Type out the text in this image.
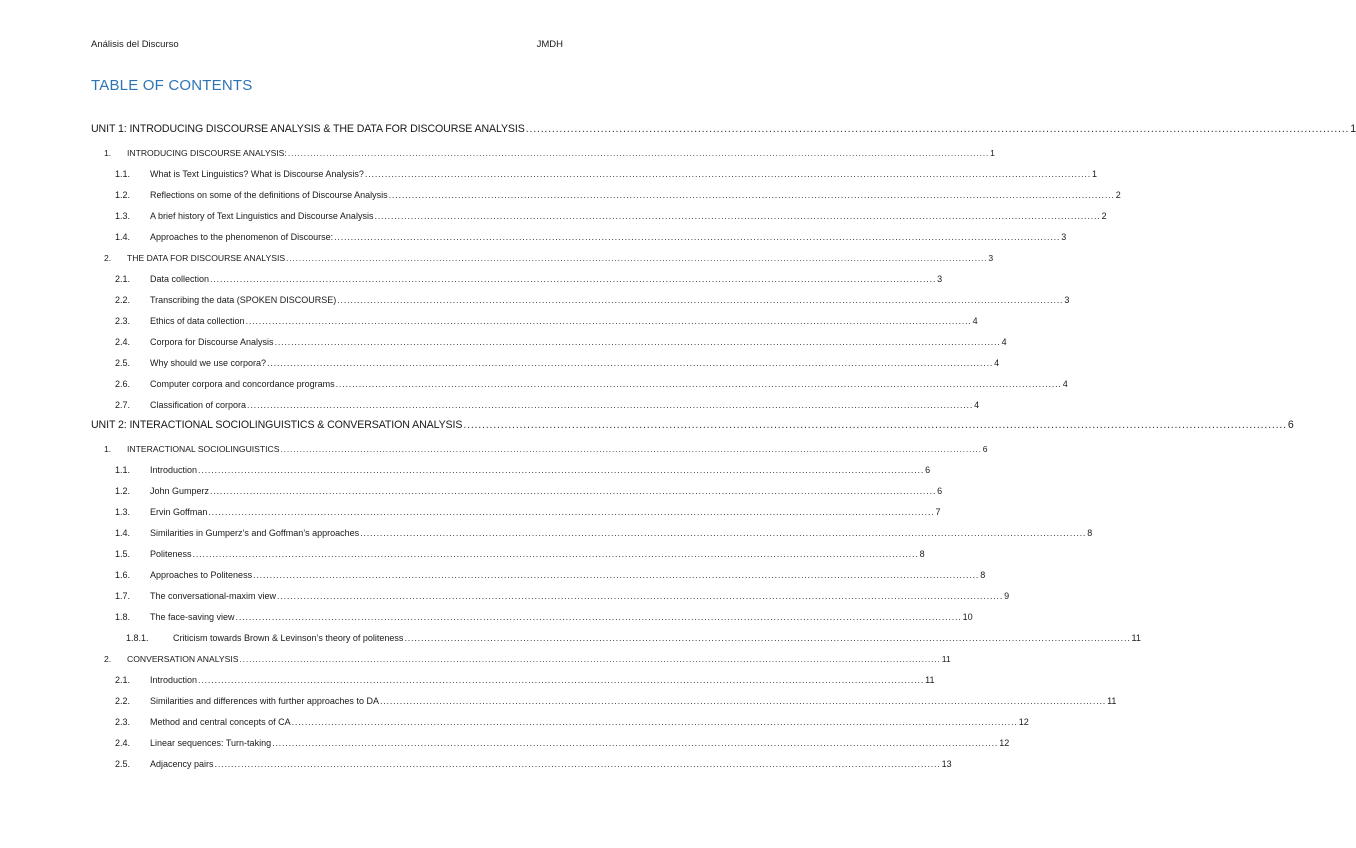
Análisis del Discurso	JMDH
TABLE OF CONTENTS
UNIT 1: INTRODUCING DISCOURSE ANALYSIS & THE DATA FOR DISCOURSE ANALYSIS ............................................................................................................................................................................................................................ 1
1.	INTRODUCING DISCOURSE ANALYSIS: ............................................................................................................................................................................................................................ 1
1.1.	What is Text Linguistics? What is Discourse Analysis? ............................................................................................................................................................................................................................ 1
1.2.	Reflections on some of the definitions of Discourse Analysis ............................................................................................................................................................................................................................ 2
1.3.	A brief history of Text Linguistics and Discourse Analysis ............................................................................................................................................................................................................................ 2
1.4.	Approaches to the phenomenon of Discourse: ............................................................................................................................................................................................................................ 3
2.	THE DATA FOR DISCOURSE ANALYSIS ............................................................................................................................................................................................................................ 3
2.1.	Data collection ............................................................................................................................................................................................................................ 3
2.2.	Transcribing the data (SPOKEN DISCOURSE) ............................................................................................................................................................................................................................ 3
2.3.	Ethics of data collection ............................................................................................................................................................................................................................ 4
2.4.	Corpora for Discourse Analysis ............................................................................................................................................................................................................................ 4
2.5.	Why should we use corpora? ............................................................................................................................................................................................................................ 4
2.6.	Computer corpora and concordance programs ............................................................................................................................................................................................................................ 4
2.7.	Classification of corpora ............................................................................................................................................................................................................................ 4
UNIT 2: INTERACTIONAL SOCIOLINGUISTICS & CONVERSATION ANALYSIS ............................................................................................................................................................................................................................ 6
1.	INTERACTIONAL SOCIOLINGUISTICS ............................................................................................................................................................................................................................ 6
1.1.	Introduction ............................................................................................................................................................................................................................ 6
1.2.	John Gumperz ............................................................................................................................................................................................................................ 6
1.3.	Ervin Goffman ............................................................................................................................................................................................................................ 7
1.4.	Similarities in Gumperz’s and Goffman’s approaches ............................................................................................................................................................................................................................ 8
1.5.	Politeness ............................................................................................................................................................................................................................ 8
1.6.	Approaches to Politeness ............................................................................................................................................................................................................................ 8
1.7.	The conversational-maxim view ............................................................................................................................................................................................................................ 9
1.8.	The face-saving view ............................................................................................................................................................................................................................ 10
1.8.1.	Criticism towards Brown & Levinson’s theory of politeness ............................................................................................................................................................................................................................ 11
2.	CONVERSATION ANALYSIS ............................................................................................................................................................................................................................ 11
2.1.	Introduction ............................................................................................................................................................................................................................ 11
2.2.	Similarities and differences with further approaches to DA ............................................................................................................................................................................................................................ 11
2.3.	Method and central concepts of CA ............................................................................................................................................................................................................................ 12
2.4.	Linear sequences: Turn-taking ............................................................................................................................................................................................................................ 12
2.5.	Adjacency pairs ............................................................................................................................................................................................................................ 13
